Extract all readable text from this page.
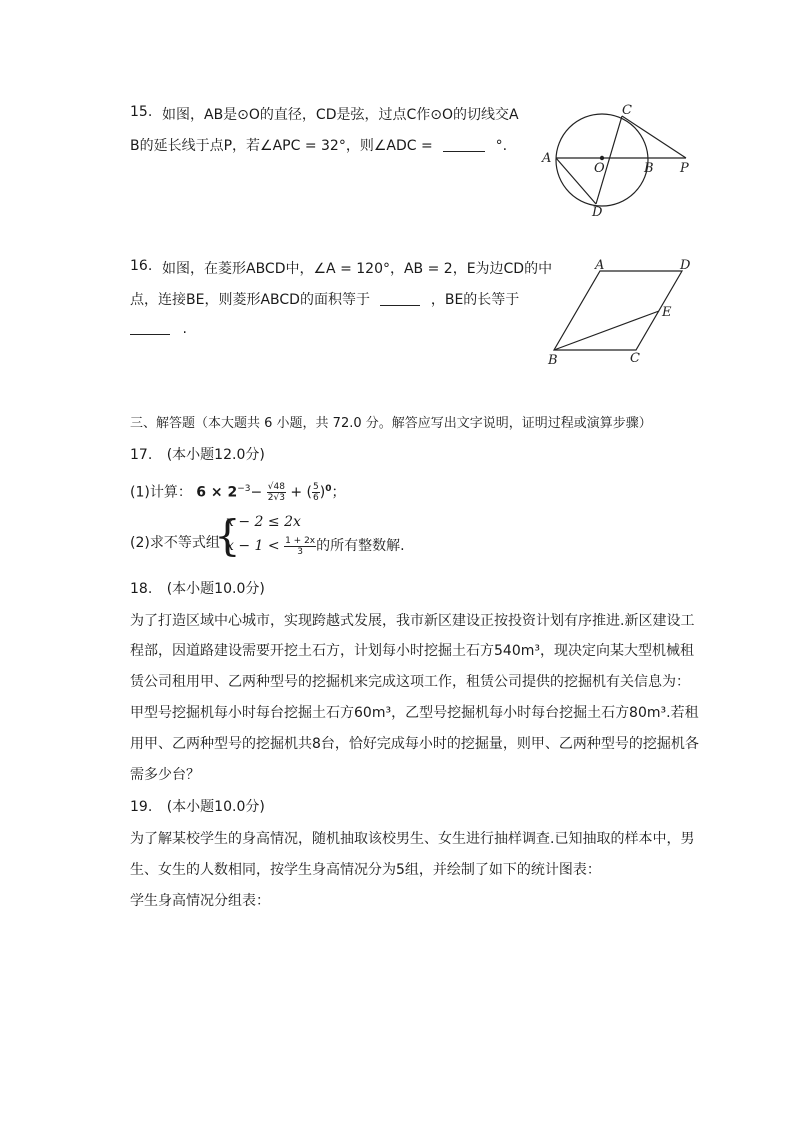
15. 如图，AB是⊙O的直径，CD是弦，过点C作⊙O的切线交A
B的延长线于点P，若∠APC = 32°，则∠ADC =	°.
A
O	B P
C
D
16. 如图，在菱形ABCD中，∠A = 120°，AB = 2，E为边CD的中
点，连接BE，则菱形ABCD的面积等于	，BE的长等于
.
A	D
E
C
B
三、解答题（本大题共 6 小题，共 72.0 分。解答应写出文字说明，证明过程或演算步骤）
17. (本小题12.0分)
(1)计算： $6 \times 2^{-3}- \frac{√48}{2√3}$ + ( $\frac{5}{6} )^0$；
(2)求不等式组
{
x − 2 ≤ 2x
$x - 1 < \frac{1 + 2x}{3}$ 的所有整数解.
18. (本小题10.0分)
为了打造区域中心城市，实现跨越式发展，我市新区建设正按投资计划有序推进.新区建设工
程部，因道路建设需要开挖土石方，计划每小时挖掘土石方540m³，现决定向某大型机械租
赁公司租用甲、乙两种型号的挖掘机来完成这项工作，租赁公司提供的挖掘机有关信息为：
甲型号挖掘机每小时每台挖掘土石方60m³，乙型号挖掘机每小时每台挖掘土石方80m³.若租
用甲、乙两种型号的挖掘机共8台，恰好完成每小时的挖掘量，则甲、乙两种型号的挖掘机各
需多少台？
19. (本小题10.0分)
为了解某校学生的身高情况，随机抽取该校男生、女生进行抽样调查.已知抽取的样本中，男
生、女生的人数相同，按学生身高情况分为5组，并绘制了如下的统计图表：
学生身高情况分组表：
